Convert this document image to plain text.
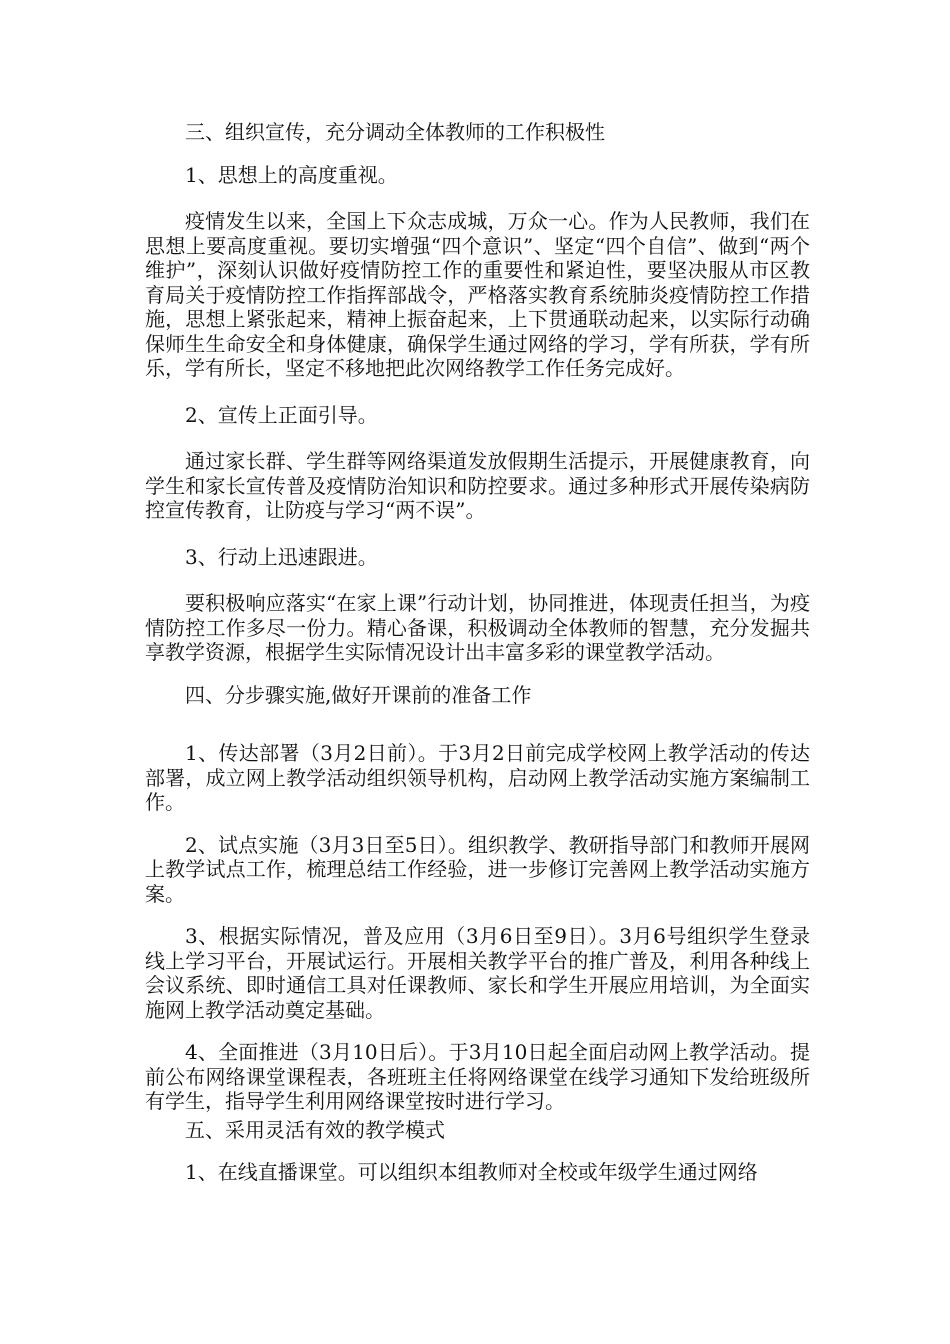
三、组织宣传，充分调动全体教师的工作积极性

1、思想上的高度重视。

疫情发生以来，全国上下众志成城，万众一心。作为人民教师，我们在思想上要高度重视。要切实增强“四个意识”、坚定“四个自信”、做到“两个维护”，深刻认识做好疫情防控工作的重要性和紧迫性，要坚决服从市区教育局关于疫情防控工作指挥部战令，严格落实教育系统肺炎疫情防控工作措施，思想上紧张起来，精神上振奋起来，上下贯通联动起来，以实际行动确保师生生命安全和身体健康，确保学生通过网络的学习，学有所获，学有所乐，学有所长，坚定不移地把此次网络教学工作任务完成好。

2、宣传上正面引导。

通过家长群、学生群等网络渠道发放假期生活提示，开展健康教育，向学生和家长宣传普及疫情防治知识和防控要求。通过多种形式开展传染病防控宣传教育，让防疫与学习“两不误”。

3、行动上迅速跟进。

要积极响应落实“在家上课”行动计划，协同推进，体现责任担当，为疫情防控工作多尽一份力。精心备课，积极调动全体教师的智慧，充分发掘共享教学资源，根据学生实际情况设计出丰富多彩的课堂教学活动。

四、分步骤实施,做好开课前的准备工作

1、传达部署（3月2日前）。于3月2日前完成学校网上教学活动的传达部署，成立网上教学活动组织领导机构，启动网上教学活动实施方案编制工作。

2、试点实施（3月3日至5日）。组织教学、教研指导部门和教师开展网上教学试点工作，梳理总结工作经验，进一步修订完善网上教学活动实施方案。

3、根据实际情况，普及应用（3月6日至9日）。3月6号组织学生登录线上学习平台，开展试运行。开展相关教学平台的推广普及，利用各种线上会议系统、即时通信工具对任课教师、家长和学生开展应用培训，为全面实施网上教学活动奠定基础。

4、全面推进（3月10日后）。于3月10日起全面启动网上教学活动。提前公布网络课堂课程表，各班班主任将网络课堂在线学习通知下发给班级所有学生，指导学生利用网络课堂按时进行学习。

五、采用灵活有效的教学模式

1、在线直播课堂。可以组织本组教师对全校或年级学生通过网络
